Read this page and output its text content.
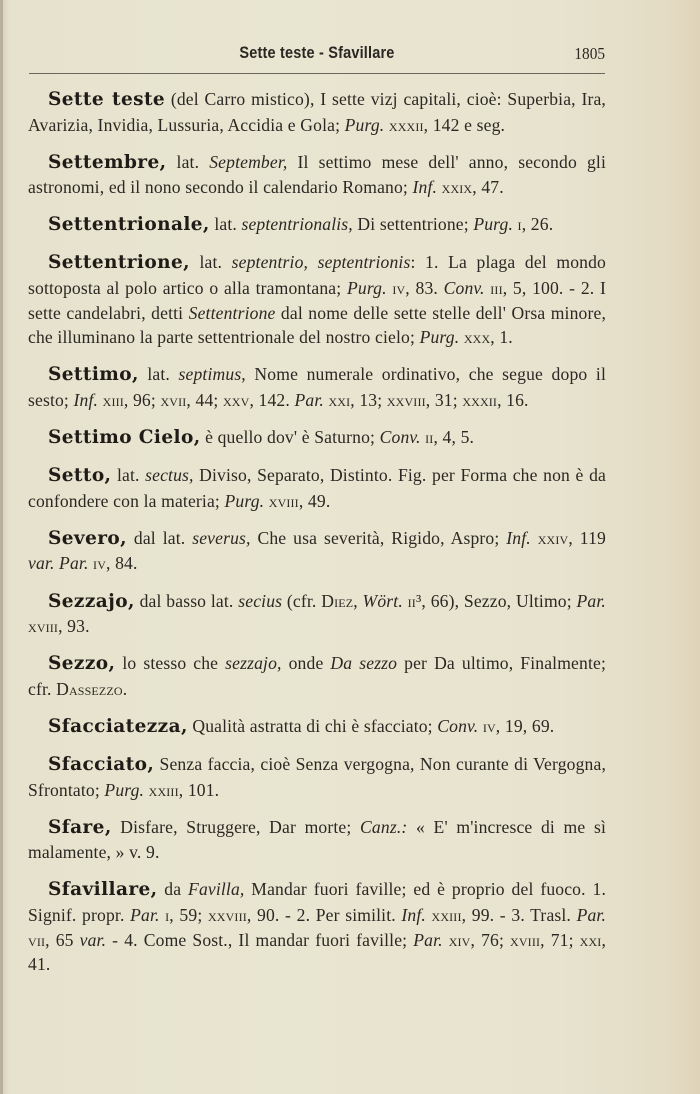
Sette teste - Sfavillare	1805

Sette teste (del Carro mistico), I sette vizj capitali, cioè: Superbia, Ira, Avarizia, Invidia, Lussuria, Accidia e Gola; Purg. xxxii, 142 e seg.

Settembre, lat. September, Il settimo mese dell' anno, secondo gli astronomi, ed il nono secondo il calendario Romano; Inf. xxix, 47.

Settentrionale, lat. septentrionalis, Di settentrione; Purg. i, 26.

Settentrione, lat. septentrio, septentrionis: 1. La plaga del mondo sottoposta al polo artico o alla tramontana; Purg. iv, 83. Conv. iii, 5, 100. - 2. I sette candelabri, detti Settentrione dal nome delle sette stelle dell' Orsa minore, che illuminano la parte settentrionale del nostro cielo; Purg. xxx, 1.

Settimo, lat. septimus, Nome numerale ordinativo, che segue dopo il sesto; Inf. xiii, 96; xvii, 44; xxv, 142. Par. xxi, 13; xxviii, 31; xxxii, 16.

Settimo Cielo, è quello dov' è Saturno; Conv. ii, 4, 5.

Setto, lat. sectus, Diviso, Separato, Distinto. Fig. per Forma che non è da confondere con la materia; Purg. xviii, 49.

Severo, dal lat. severus, Che usa severità, Rigido, Aspro; Inf. xxiv, 119 var. Par. iv, 84.

Sezzajo, dal basso lat. secius (cfr. Diez, Wört. ii³, 66), Sezzo, Ultimo; Par. xviii, 93.

Sezzo, lo stesso che sezzajo, onde Da sezzo per Da ultimo, Finalmente; cfr. Dassezzo.

Sfacciatezza, Qualità astratta di chi è sfacciato; Conv. iv, 19, 69.

Sfacciato, Senza faccia, cioè Senza vergogna, Non curante di Vergogna, Sfrontato; Purg. xxiii, 101.

Sfare, Disfare, Struggere, Dar morte; Canz.: « E' m'increscе di me sì malamente, » v. 9.

Sfavillare, da Favilla, Mandar fuori faville; ed è proprio del fuoco. 1. Signif. propr. Par. i, 59; xxviii, 90. - 2. Per similit. Inf. xxiii, 99. - 3. Trasl. Par. vii, 65 var. - 4. Come Sost., Il mandar fuori faville; Par. xiv, 76; xviii, 71; xxi, 41.
